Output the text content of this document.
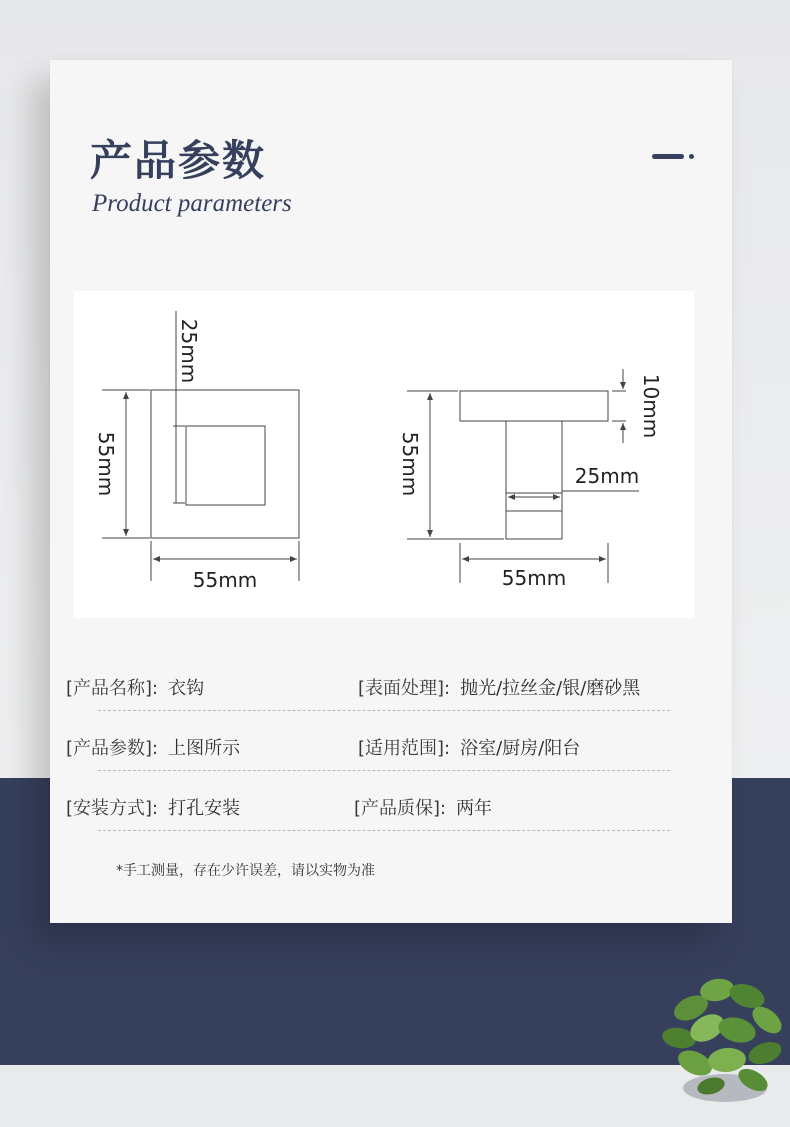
产品参数
Product parameters
55mm
55mm
25mm
55mm
55mm
10mm
25mm
[产品名称]: 衣钩	[表面处理]: 抛光/拉丝金/银/磨砂黑
[产品参数]: 上图所示	[适用范围]: 浴室/厨房/阳台
[安装方式]: 打孔安装	[产品质保]: 两年
*手工测量，存在少许误差，请以实物为准
